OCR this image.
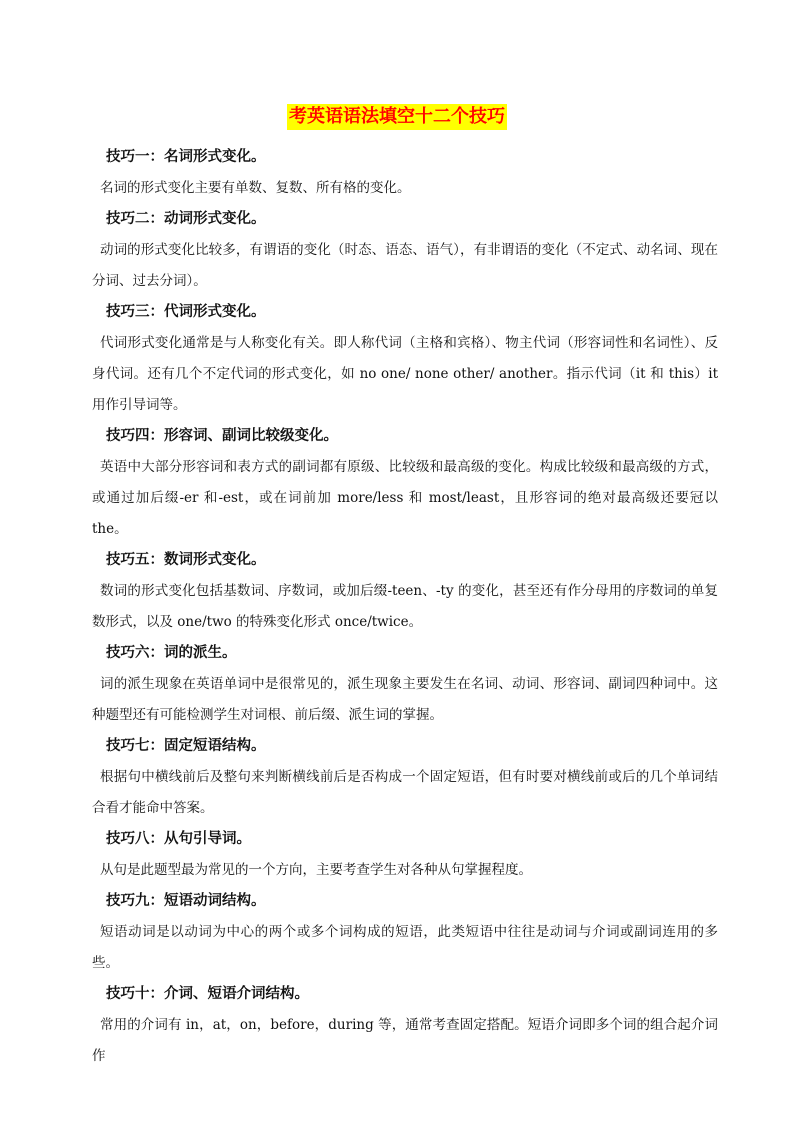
考英语语法填空十二个技巧

技巧一：名词形式变化。

名词的形式变化主要有单数、复数、所有格的变化。

技巧二：动词形式变化。

动词的形式变化比较多，有谓语的变化（时态、语态、语气），有非谓语的变化（不定式、动名词、现在分词、过去分词）。

技巧三：代词形式变化。

代词形式变化通常是与人称变化有关。即人称代词（主格和宾格）、物主代词（形容词性和名词性）、反身代词。还有几个不定代词的形式变化，如 no one/ none other/ another。指示代词（it 和 this）it 用作引导词等。

技巧四：形容词、副词比较级变化。

英语中大部分形容词和表方式的副词都有原级、比较级和最高级的变化。构成比较级和最高级的方式，或通过加后缀-er 和-est，或在词前加 more/less 和 most/least，且形容词的绝对最高级还要冠以 the。

技巧五：数词形式变化。

数词的形式变化包括基数词、序数词，或加后缀-teen、-ty 的变化，甚至还有作分母用的序数词的单复数形式，以及 one/two 的特殊变化形式 once/twice。

技巧六：词的派生。

词的派生现象在英语单词中是很常见的，派生现象主要发生在名词、动词、形容词、副词四种词中。这种题型还有可能检测学生对词根、前后缀、派生词的掌握。

技巧七：固定短语结构。

根据句中横线前后及整句来判断横线前后是否构成一个固定短语，但有时要对横线前或后的几个单词结合看才能命中答案。

技巧八：从句引导词。

从句是此题型最为常见的一个方向，主要考查学生对各种从句掌握程度。

技巧九：短语动词结构。

短语动词是以动词为中心的两个或多个词构成的短语，此类短语中往往是动词与介词或副词连用的多些。

技巧十：介词、短语介词结构。

常用的介词有 in，at，on，before，during 等，通常考查固定搭配。短语介词即多个词的组合起介词作
